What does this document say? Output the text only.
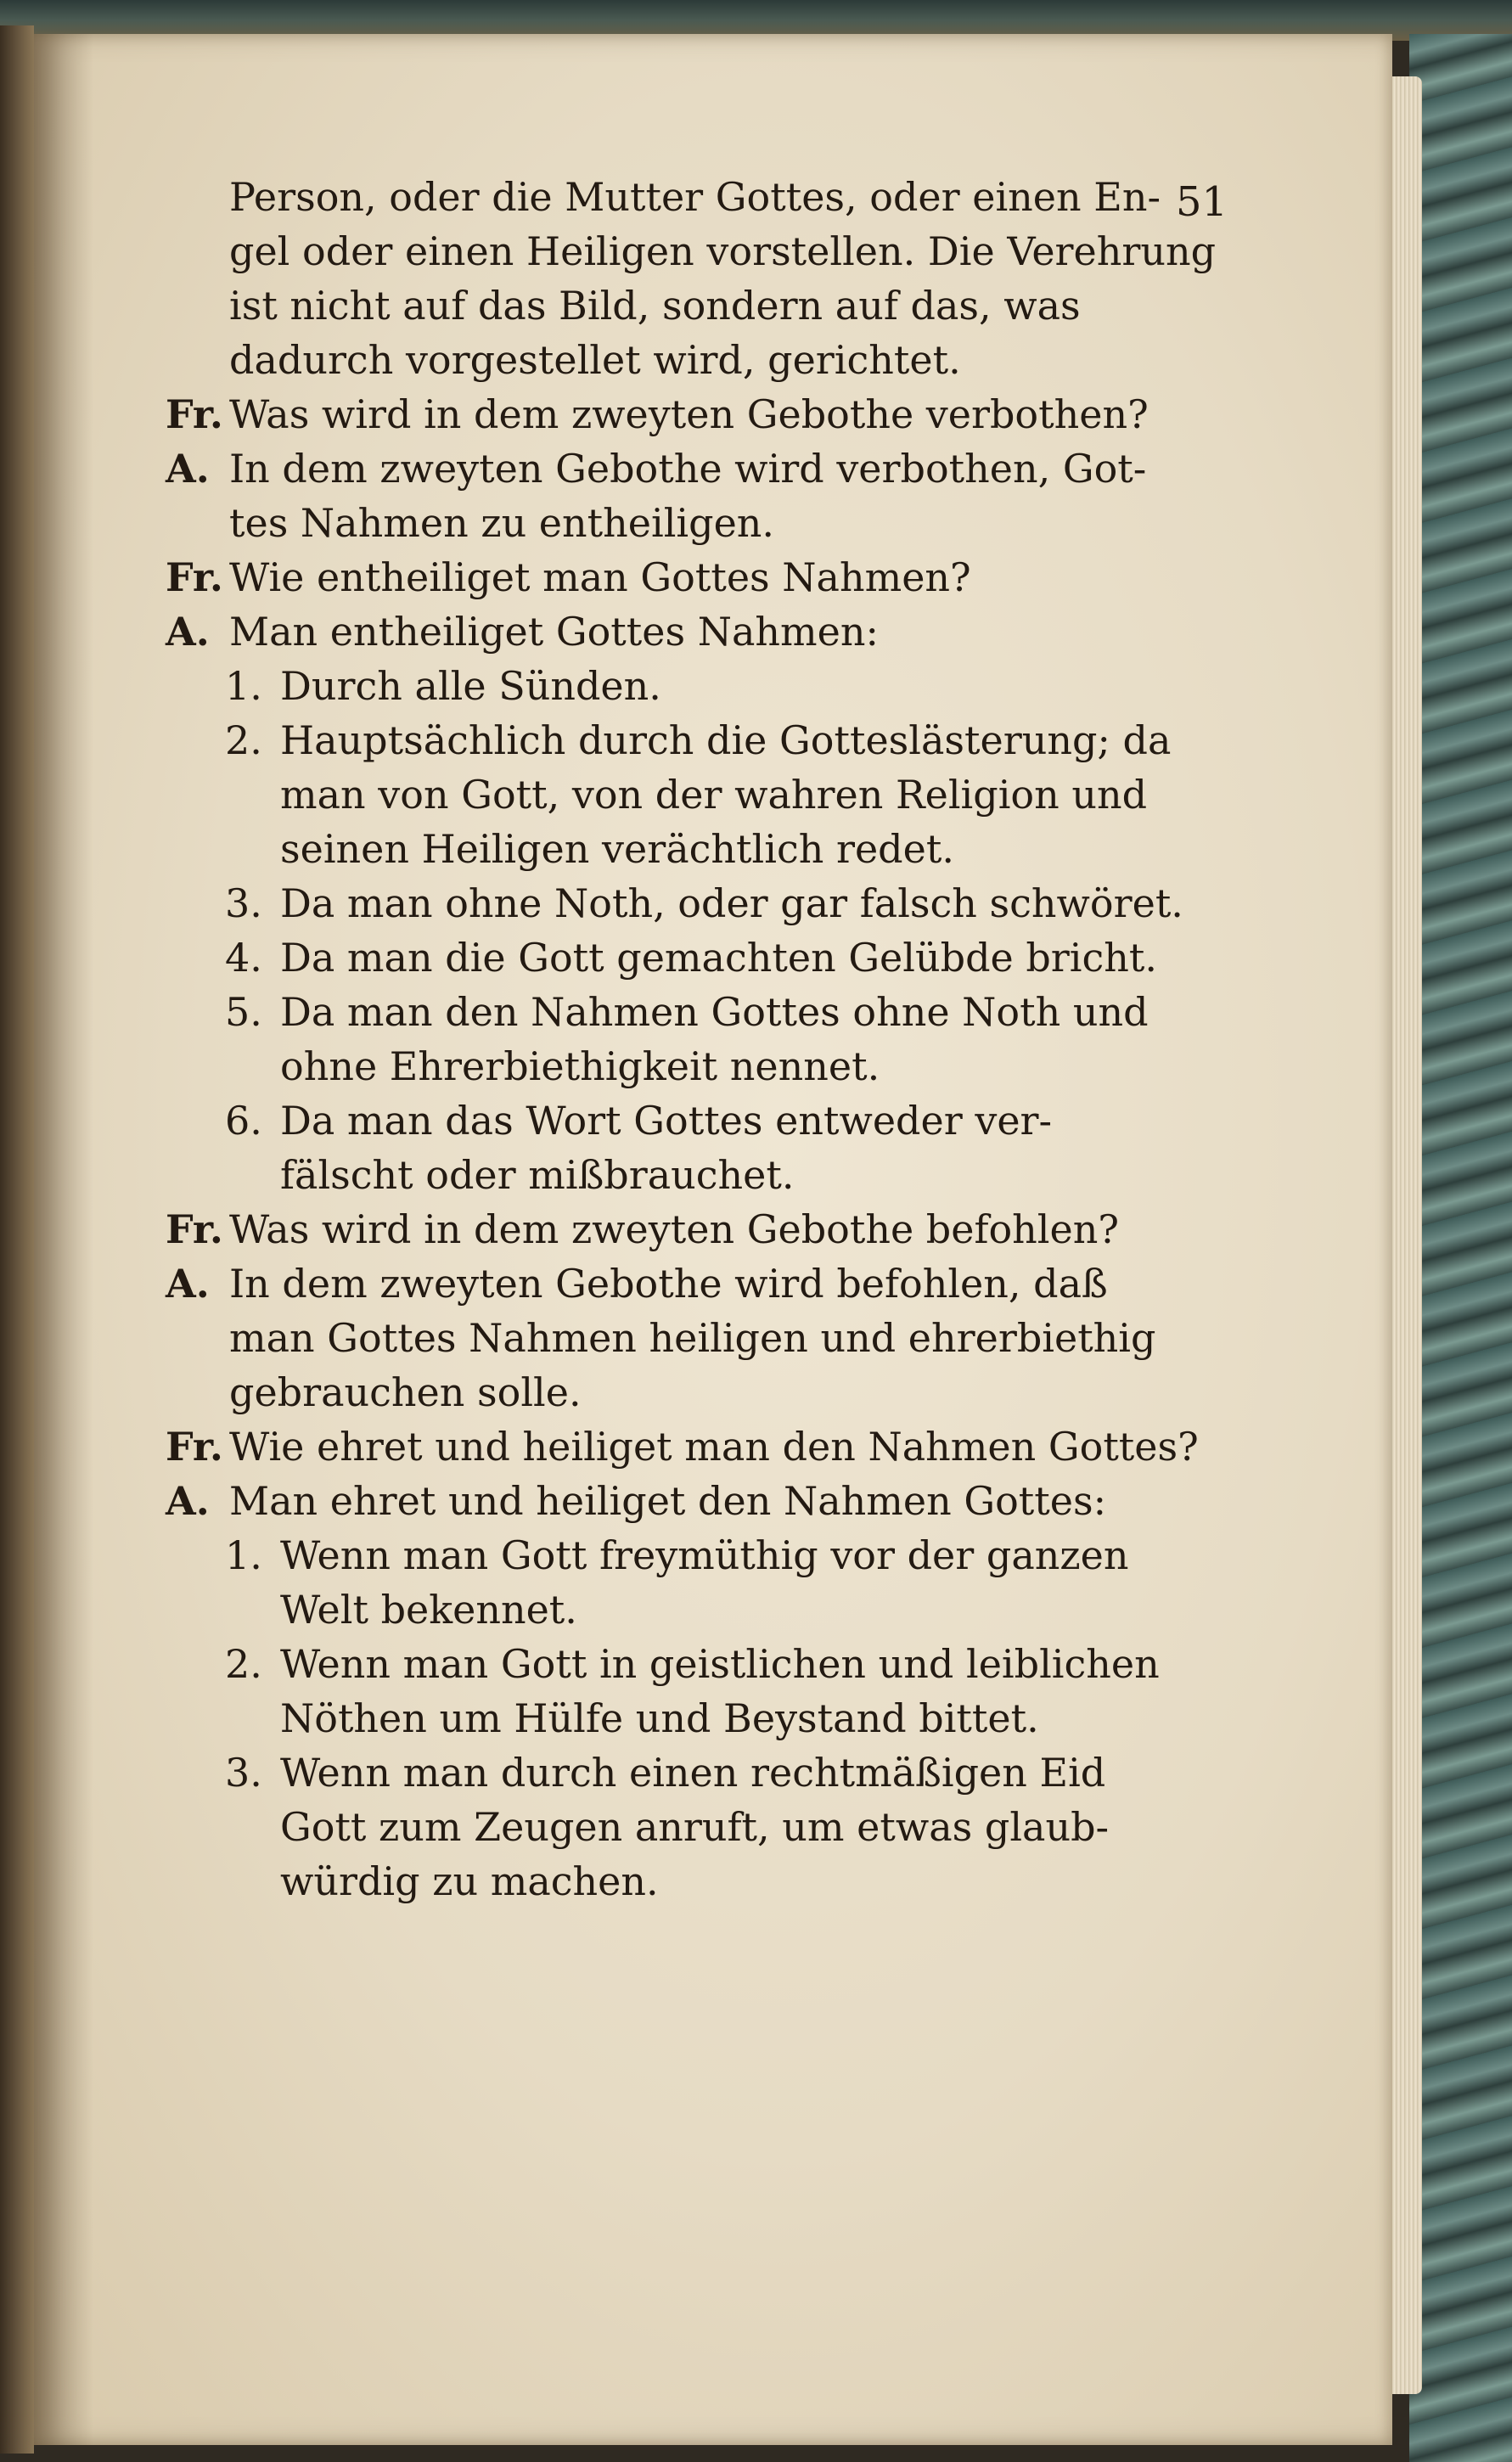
51
Person, oder die Mutter Gottes, oder einen En-
gel oder einen Heiligen vorstellen. Die Verehrung
ist nicht auf das Bild, sondern auf das, was
dadurch vorgestellet wird, gerichtet.
Fr. Was wird in dem zweyten Gebothe verbothen?
A. In dem zweyten Gebothe wird verbothen, Got-
tes Nahmen zu entheiligen.
Fr. Wie entheiliget man Gottes Nahmen?
A. Man entheiliget Gottes Nahmen:
1. Durch alle Sünden.
2. Hauptsächlich durch die Gotteslästerung; da
man von Gott, von der wahren Religion und
seinen Heiligen verächtlich redet.
3. Da man ohne Noth, oder gar falsch schwöret.
4. Da man die Gott gemachten Gelübde bricht.
5. Da man den Nahmen Gottes ohne Noth und
ohne Ehrerbiethigkeit nennet.
6. Da man das Wort Gottes entweder ver-
fälscht oder mißbrauchet.
Fr. Was wird in dem zweyten Gebothe befohlen?
A. In dem zweyten Gebothe wird befohlen, daß
man Gottes Nahmen heiligen und ehrerbiethig
gebrauchen solle.
Fr. Wie ehret und heiliget man den Nahmen Gottes?
A. Man ehret und heiliget den Nahmen Gottes:
1. Wenn man Gott freymüthig vor der ganzen
Welt bekennet.
2. Wenn man Gott in geistlichen und leiblichen
Nöthen um Hülfe und Beystand bittet.
3. Wenn man durch einen rechtmäßigen Eid
Gott zum Zeugen anruft, um etwas glaub-
würdig zu machen.
